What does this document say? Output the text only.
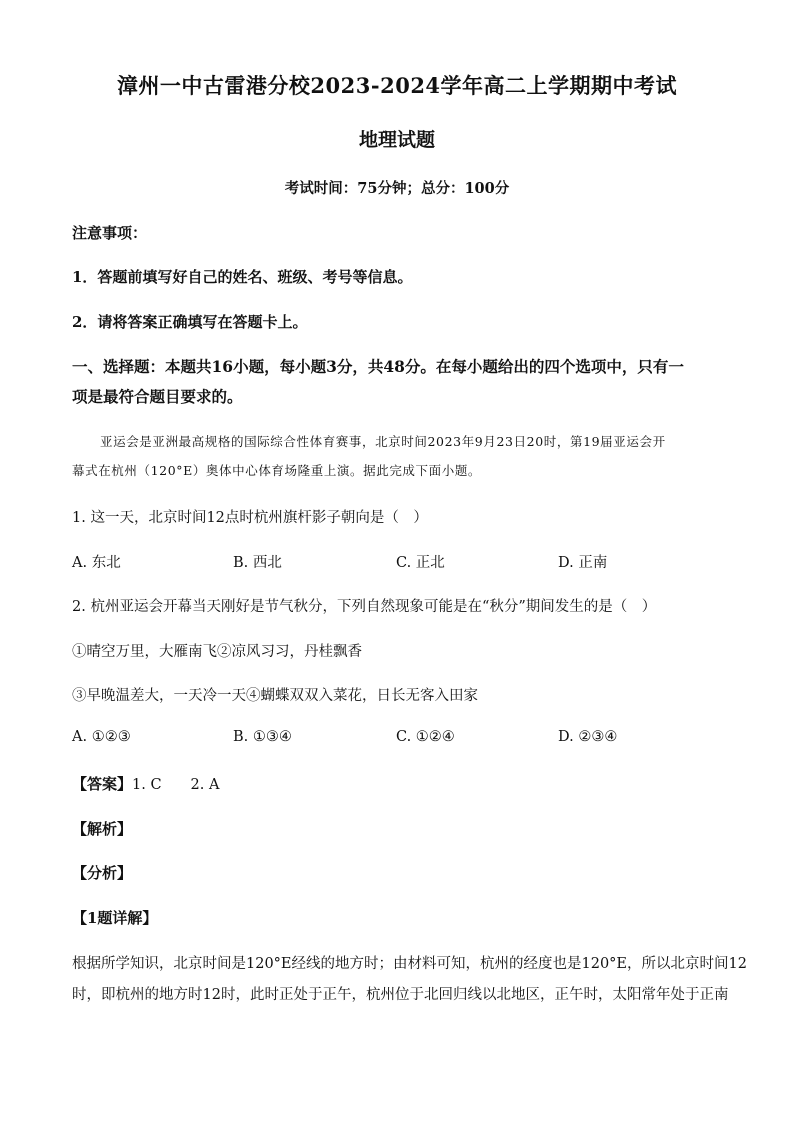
漳州一中古雷港分校2023-2024学年高二上学期期中考试
地理试题
考试时间：75分钟；总分：100分
注意事项：
1．答题前填写好自己的姓名、班级、考号等信息。
2．请将答案正确填写在答题卡上。
一、选择题：本题共16小题，每小题3分，共48分。在每小题给出的四个选项中，只有一
项是最符合题目要求的。
亚运会是亚洲最高规格的国际综合性体育赛事，北京时间2023年9月23日20时，第19届亚运会开
幕式在杭州（120°E）奥体中心体育场隆重上演。据此完成下面小题。
1. 这一天，北京时间12点时杭州旗杆影子朝向是（　）
A. 东北	B. 西北	C. 正北	D. 正南
2. 杭州亚运会开幕当天刚好是节气秋分，下列自然现象可能是在“秋分”期间发生的是（　）
①晴空万里，大雁南飞②凉风习习，丹桂飘香
③早晚温差大，一天冷一天④蝴蝶双双入菜花，日长无客入田家
A. ①②③	B. ①③④	C. ①②④	D. ②③④
【答案】1. C　　2. A
【解析】
【分析】
【1题详解】
根据所学知识，北京时间是120°E经线的地方时；由材料可知，杭州的经度也是120°E，所以北京时间12
时，即杭州的地方时12时，此时正处于正午，杭州位于北回归线以北地区，正午时，太阳常年处于正南
